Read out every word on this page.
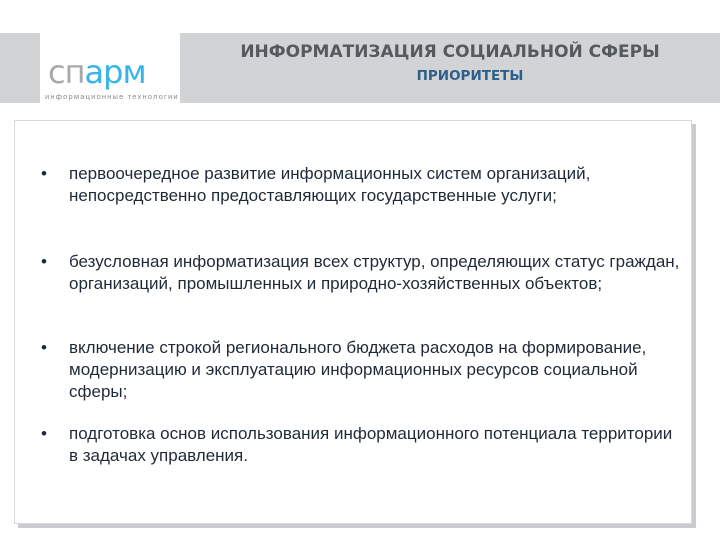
спарм
информационные технологии
ИНФОРМАТИЗАЦИЯ СОЦИАЛЬНОЙ СФЕРЫ
ПРИОРИТЕТЫ
•	первоочередное развитие информационных систем организаций, непосредственно предоставляющих государственные услуги;
•	безусловная информатизация всех структур, определяющих статус граждан, организаций, промышленных и природно-хозяйственных объектов;
•	включение строкой регионального бюджета расходов на формирование, модернизацию и эксплуатацию информационных ресурсов социальной сферы;
•	подготовка основ использования информационного потенциала территории в задачах управления.
